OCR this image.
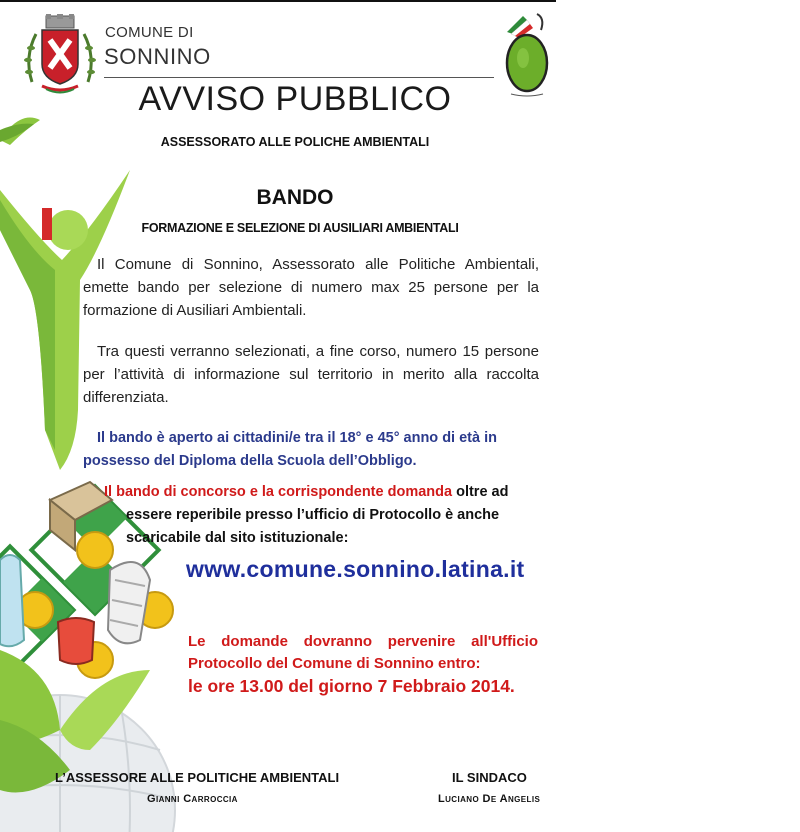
COMUNE DI
SONNINO
AVVISO PUBBLICO
ASSESSORATO ALLE POLICHE AMBIENTALI
BANDO
FORMAZIONE E SELEZIONE DI AUSILIARI AMBIENTALI
Il Comune di Sonnino, Assessorato alle Politiche Ambientali, emette bando per selezione di numero max 25 persone per la formazione di Ausiliari Ambientali.
Tra questi verranno selezionati, a fine corso, numero 15 persone per l’attività di informazione sul territorio in merito alla raccolta differenziata.
Il bando è aperto ai cittadini/e tra il 18° e 45° anno di età in possesso del Diploma della Scuola dell’Obbligo.
Il bando di concorso e la corrispondente domanda oltre ad
essere reperibile presso l’ufficio di Protocollo è anche scaricabile dal sito istituzionale:
www.comune.sonnino.latina.it
Le domande dovranno pervenire all'Ufficio Protocollo del Comune di Sonnino entro:
le ore 13.00 del giorno 7 Febbraio 2014.
L’ASSESSORE ALLE POLITICHE AMBIENTALI
Gianni Carroccia
IL SINDACO
Luciano De Angelis
